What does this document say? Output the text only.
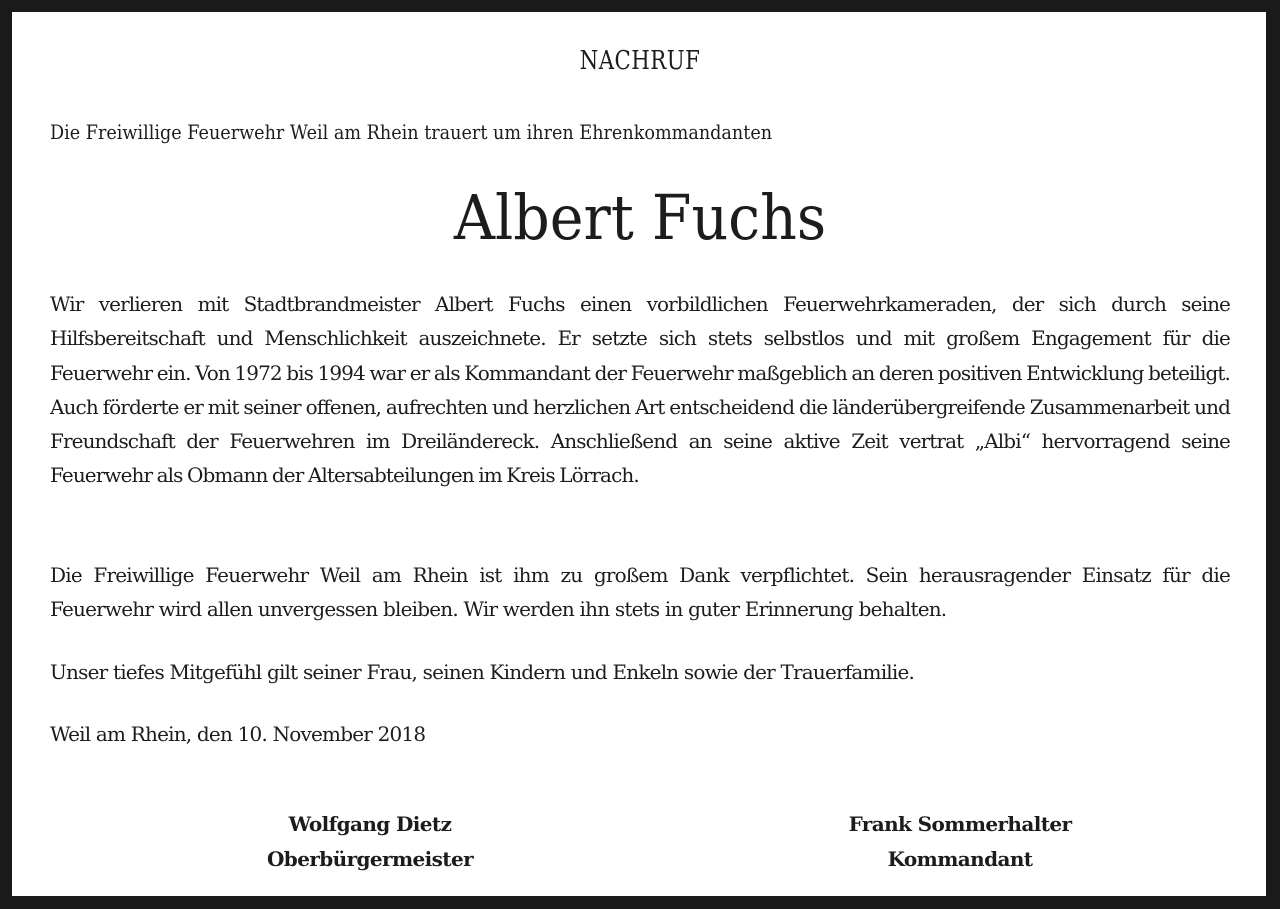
NACHRUF
Die Freiwillige Feuerwehr Weil am Rhein trauert um ihren Ehrenkommandanten
Albert Fuchs
Wir verlieren mit Stadtbrandmeister Albert Fuchs einen vorbildlichen Feuerwehrkameraden, der sich durch seine Hilfsbereitschaft und Menschlichkeit auszeichnete. Er setzte sich stets selbstlos und mit großem Engagement für die Feuerwehr ein. Von 1972 bis 1994 war er als Kommandant der Feuerwehr maßgeblich an deren positiven Entwicklung beteiligt. Auch förderte er mit seiner offenen, aufrechten und herzlichen Art entscheidend die länderübergreifende Zusammenarbeit und Freundschaft der Feuerwehren im Dreiländereck. Anschließend an seine aktive Zeit vertrat „Albi“ hervorragend seine Feuerwehr als Obmann der Altersabteilungen im Kreis Lörrach.
Die Freiwillige Feuerwehr Weil am Rhein ist ihm zu großem Dank verpflichtet. Sein herausragender Einsatz für die Feuerwehr wird allen unvergessen bleiben. Wir werden ihn stets in guter Erinnerung behalten.
Unser tiefes Mitgefühl gilt seiner Frau, seinen Kindern und Enkeln sowie der Trauerfamilie.
Weil am Rhein, den 10. November 2018
Wolfgang Dietz
Oberbürgermeister
Frank Sommerhalter
Kommandant
